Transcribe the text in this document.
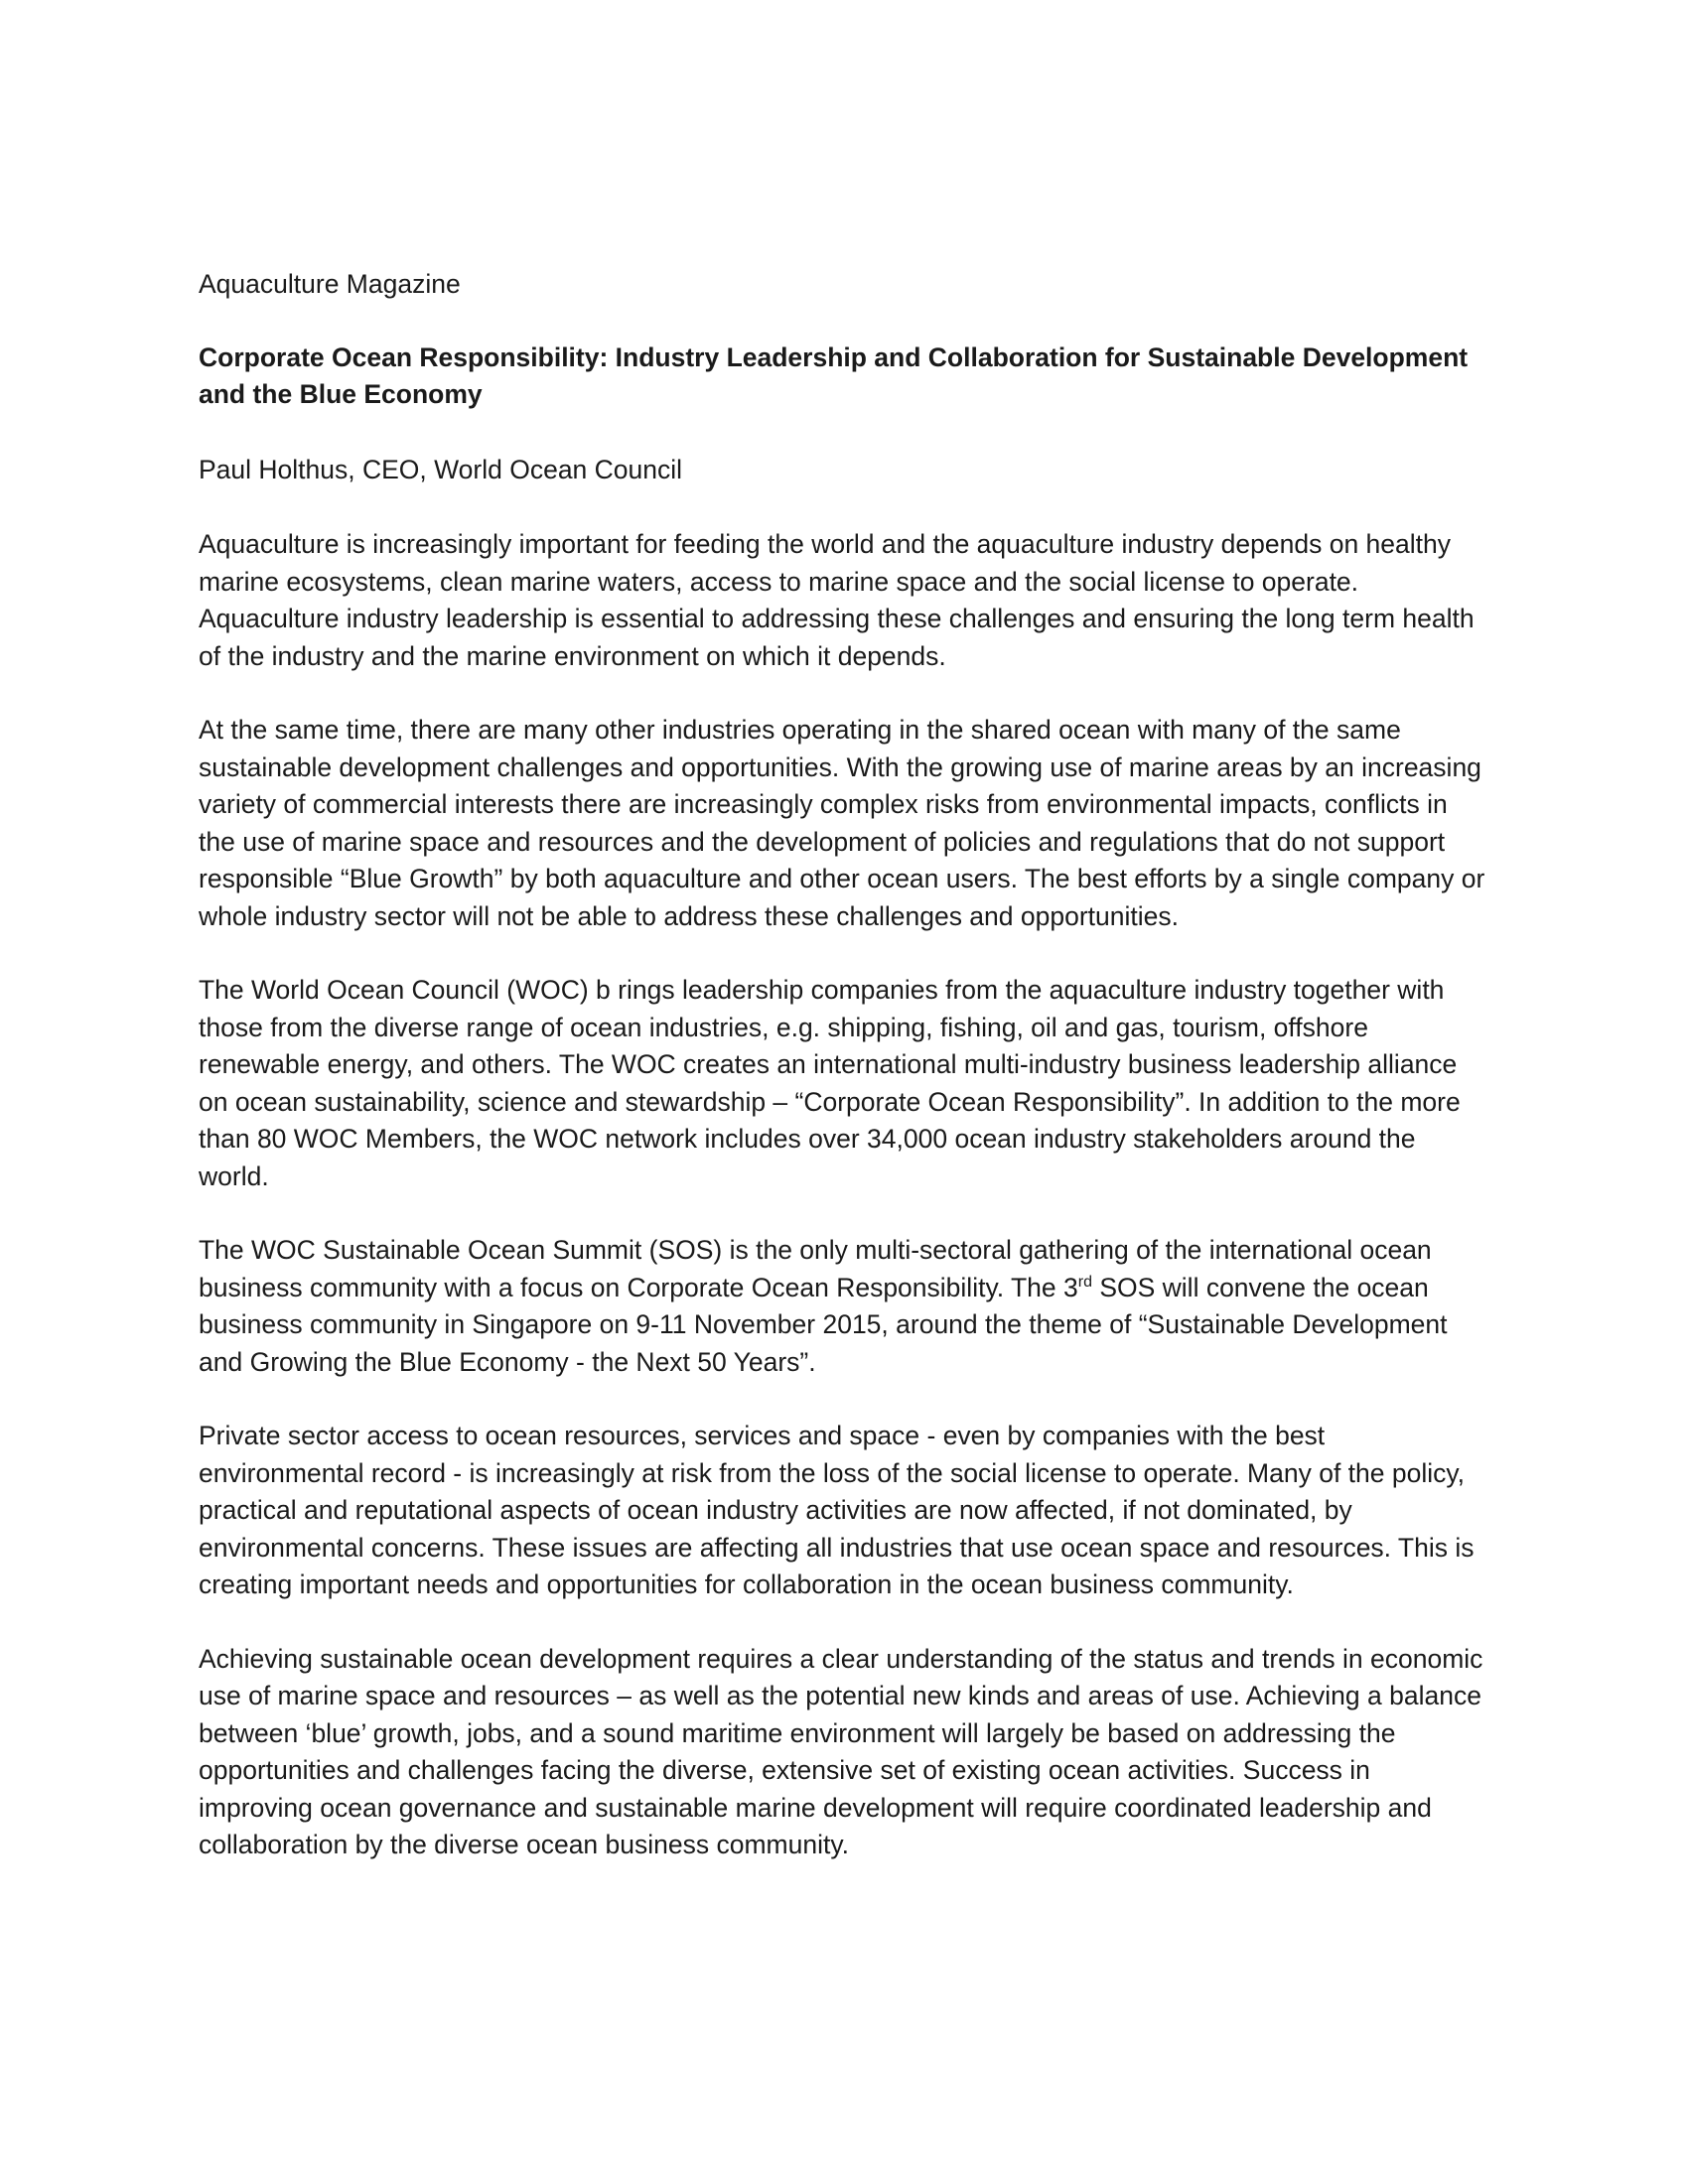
Aquaculture Magazine

Corporate Ocean Responsibility: Industry Leadership and Collaboration for Sustainable Development and the Blue Economy

Paul Holthus, CEO, World Ocean Council

Aquaculture is increasingly important for feeding the world and the aquaculture industry depends on healthy marine ecosystems, clean marine waters, access to marine space and the social license to operate. Aquaculture industry leadership is essential to addressing these challenges and ensuring the long term health of the industry and the marine environment on which it depends.

At the same time, there are many other industries operating in the shared ocean with many of the same sustainable development challenges and opportunities. With the growing use of marine areas by an increasing variety of commercial interests there are increasingly complex risks from environmental impacts, conflicts in the use of marine space and resources and the development of policies and regulations that do not support responsible “Blue Growth” by both aquaculture and other ocean users. The best efforts by a single company or whole industry sector will not be able to address these challenges and opportunities.

The World Ocean Council (WOC) b rings leadership companies from the aquaculture industry together with those from the diverse range of ocean industries, e.g. shipping, fishing, oil and gas, tourism, offshore renewable energy, and others. The WOC creates an international multi-industry business leadership alliance on ocean sustainability, science and stewardship – “Corporate Ocean Responsibility”. In addition to the more than 80 WOC Members, the WOC network includes over 34,000 ocean industry stakeholders around the world.

The WOC Sustainable Ocean Summit (SOS) is the only multi-sectoral gathering of the international ocean business community with a focus on Corporate Ocean Responsibility. The 3rd SOS will convene the ocean business community in Singapore on 9-11 November 2015, around the theme of “Sustainable Development and Growing the Blue Economy - the Next 50 Years”.

Private sector access to ocean resources, services and space - even by companies with the best environmental record - is increasingly at risk from the loss of the social license to operate. Many of the policy, practical and reputational aspects of ocean industry activities are now affected, if not dominated, by environmental concerns. These issues are affecting all industries that use ocean space and resources. This is creating important needs and opportunities for collaboration in the ocean business community.

Achieving sustainable ocean development requires a clear understanding of the status and trends in economic use of marine space and resources – as well as the potential new kinds and areas of use. Achieving a balance between ‘blue’ growth, jobs, and a sound maritime environment will largely be based on addressing the opportunities and challenges facing the diverse, extensive set of existing ocean activities. Success in improving ocean governance and sustainable marine development will require coordinated leadership and collaboration by the diverse ocean business community.
